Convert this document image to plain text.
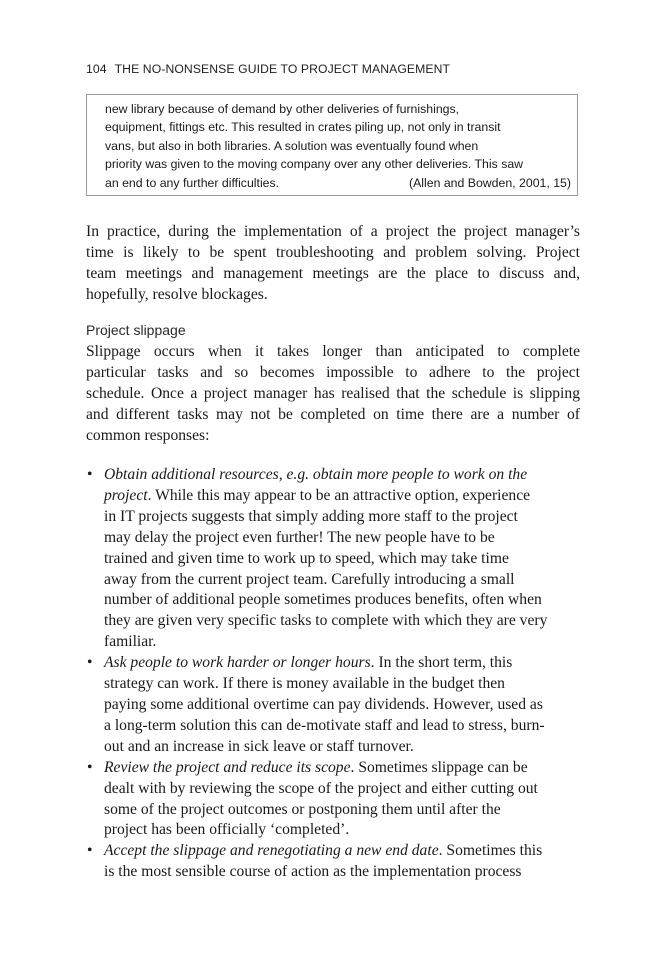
104 THE NO-NONSENSE GUIDE TO PROJECT MANAGEMENT
new library because of demand by other deliveries of furnishings,
equipment, fittings etc. This resulted in crates piling up, not only in transit
vans, but also in both libraries. A solution was eventually found when
priority was given to the moving company over any other deliveries. This saw
an end to any further difficulties.	(Allen and Bowden, 2001, 15)
In practice, during the implementation of a project the project manager’s
time is likely to be spent troubleshooting and problem solving. Project
team meetings and management meetings are the place to discuss and,
hopefully, resolve blockages.
Project slippage
Slippage occurs when it takes longer than anticipated to complete
particular tasks and so becomes impossible to adhere to the project
schedule. Once a project manager has realised that the schedule is slipping
and different tasks may not be completed on time there are a number of
common responses:
• Obtain additional resources, e.g. obtain more people to work on the
project. While this may appear to be an attractive option, experience
in IT projects suggests that simply adding more staff to the project
may delay the project even further! The new people have to be
trained and given time to work up to speed, which may take time
away from the current project team. Carefully introducing a small
number of additional people sometimes produces benefits, often when
they are given very specific tasks to complete with which they are very
familiar.
• Ask people to work harder or longer hours. In the short term, this
strategy can work. If there is money available in the budget then
paying some additional overtime can pay dividends. However, used as
a long-term solution this can de-motivate staff and lead to stress, burn-
out and an increase in sick leave or staff turnover.
• Review the project and reduce its scope. Sometimes slippage can be
dealt with by reviewing the scope of the project and either cutting out
some of the project outcomes or postponing them until after the
project has been officially ‘completed’.
• Accept the slippage and renegotiating a new end date. Sometimes this
is the most sensible course of action as the implementation process
